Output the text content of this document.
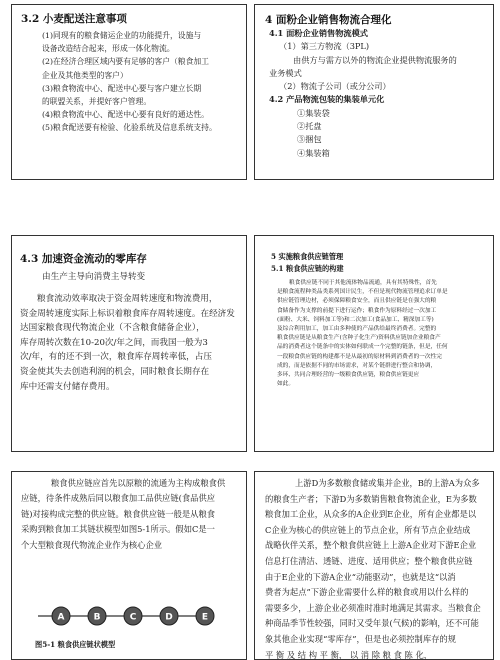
3.2 小麦配送注意事项
(1)同现有的粮食储运企业的功能提升，设施与
设备改造结合起来，形成一体化物流。
(2)在经济合理区域内要有足够的客户（粮食加工
企业及其他类型的客户）
(3)粮食物流中心、配送中心要与客户建立长期
的联盟关系，并提好客户管理。
(4)粮食物流中心、配送中心要有良好的通达性。
(5)粮食配送要有检验、化验系统及信息系统支持。
4 面粉企业销售物流合理化
4.1 面粉企业销售物流模式
（1）第三方物流（3PL)
由供方与需方以外的物流企业提供物流服务的
业务模式
（2）物流子公司（或分公司）
4.2 产品物流包装的集装单元化
①集装袋
②托盘
③捆包
④集装箱
4.3 加速资金流动的零库存
由生产主导向消费主导转变
粮食流动效率取决于资金周转速度和物流费用，
资金周转速度实际上标识着粮食库存周转速度。在经济发
达国家粮食现代物流企业（不含粮食储备企业），
库存周转次数在10-20次/年之间，而我国一般为3
次/年，有的还不到一次，粮食库存周转率低，占压
资金使其失去创造利润的机会，同时粮食长期存在
库中还需支付储存费用。
5 实施粮食供应链管理
5.1 粮食供应链的构建
粮食供应链不同于其他流体物品流通，具有其特殊性，首先
是粮食流程种类品类系列国计民生，不但是现代物流管理追求订单是
供应链管理边材，必须保障粮食安全，而且供应链是在强大的粮
食储备作为支撑的前提下进行运作；粮食作为原料经过一次加工
(面粉、大米、饲料加工等)和二次加工(食品加工、精深加工等)
及综合利用加工，加工由多种使的产品供给最终消费者。完整的
粮食供应链是从粮食生产(含种子化生产)资料供应链加企业粮食产
品的消费者这个链条中的实体如何联成一个完整的链条，但是，任何
一段粮食供应链的构建都不是从最初的原材料到消费者的一次性完
成的，而是依据不同的市场需求，对某个链群进行整合和协调，
多环、共同合理经营的一级粮食供应链，粮食供应链更应
如此。
粮食供应链应首先以原粮的流通为主构成粮食供
应链，待条件成熟后同以粮食加工品供应链(食品供应
链)对接构成完整的供应链。粮食供应链一般是从粮食
采购到粮食加工其链状模型如图5-1所示。假如C是一
个大型粮食现代物流企业作为核心企业
A	B	C	D	E
图5-1 粮食供应链状模型
上游D为多数粮食储或集并企业，B的上游A为众多
的粮食生产者；下游D为多数销售粮食物流企业，E为多数
粮食加工企业，从众多的A企业到E企业，所有企业都是以
C企业为核心的供应链上的节点企业，所有节点企业结成
战略伙伴关系，整个粮食供应链上上游A企业对下游E企业
信息打住清洁、透链、进度、适用供应；整个粮食供应链
由于E企业的下游A企业“动能驱动”，也就是这“以消
费者为起点”下游企业需要什么样的粮食或用以什么样的
需要多少，上游企业必须准时准时地满足其需求。当粮食企
种商品季节性较强，同时又受年景(气候)的影响，还不可能
象其他企业实现“零库存”，但是也必须控制库存的规
平 衡 及 结 构 平 衡， 以 消 除 粮 食 陈 化，
